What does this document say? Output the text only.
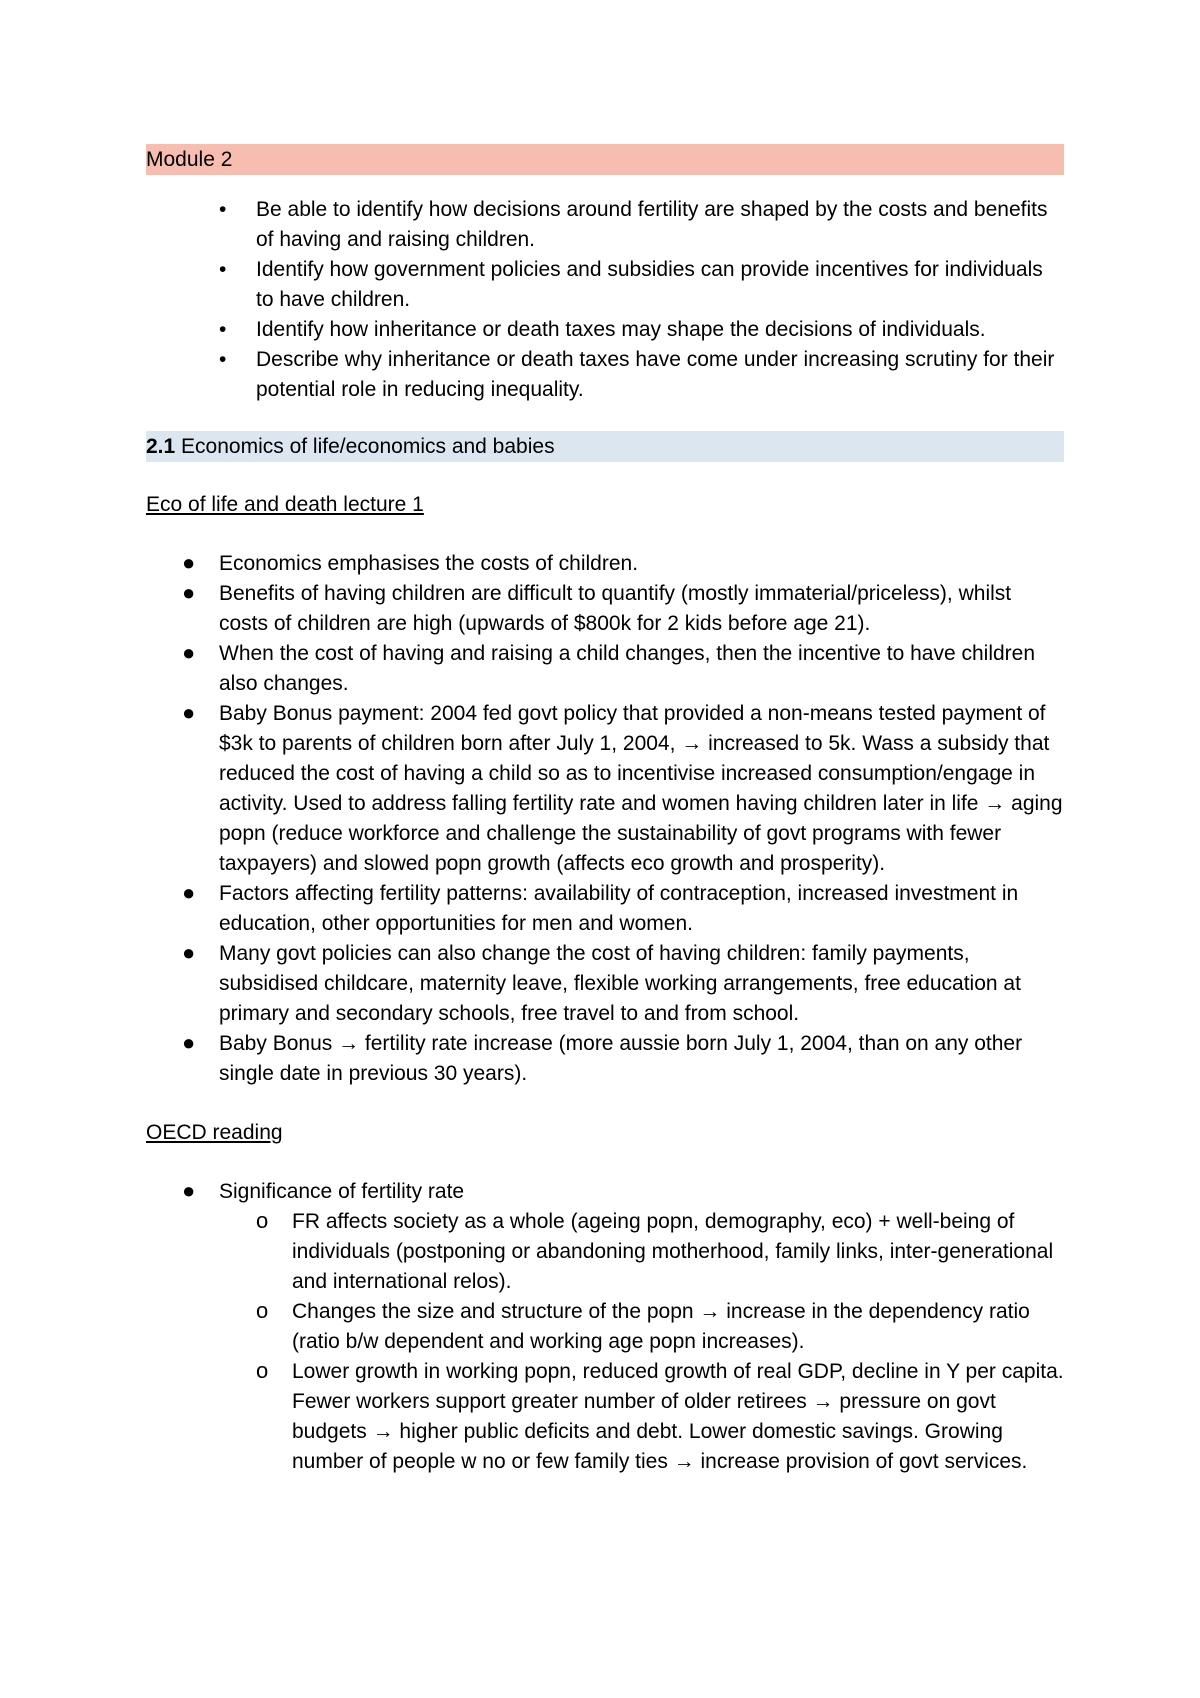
Module 2
• Be able to identify how decisions around fertility are shaped by the costs and benefits of having and raising children.
• Identify how government policies and subsidies can provide incentives for individuals to have children.
• Identify how inheritance or death taxes may shape the decisions of individuals.
• Describe why inheritance or death taxes have come under increasing scrutiny for their potential role in reducing inequality.
2.1 Economics of life/economics and babies
Eco of life and death lecture 1
● Economics emphasises the costs of children.
● Benefits of having children are difficult to quantify (mostly immaterial/priceless), whilst costs of children are high (upwards of $800k for 2 kids before age 21).
● When the cost of having and raising a child changes, then the incentive to have children also changes.
● Baby Bonus payment: 2004 fed govt policy that provided a non-means tested payment of $3k to parents of children born after July 1, 2004, → increased to 5k. Wass a subsidy that reduced the cost of having a child so as to incentivise increased consumption/engage in activity. Used to address falling fertility rate and women having children later in life → aging popn (reduce workforce and challenge the sustainability of govt programs with fewer taxpayers) and slowed popn growth (affects eco growth and prosperity).
● Factors affecting fertility patterns: availability of contraception, increased investment in education, other opportunities for men and women.
● Many govt policies can also change the cost of having children: family payments, subsidised childcare, maternity leave, flexible working arrangements, free education at primary and secondary schools, free travel to and from school.
● Baby Bonus → fertility rate increase (more aussie born July 1, 2004, than on any other single date in previous 30 years).
OECD reading
● Significance of fertility rate
o FR affects society as a whole (ageing popn, demography, eco) + well-being of individuals (postponing or abandoning motherhood, family links, inter-generational and international relos).
o Changes the size and structure of the popn → increase in the dependency ratio (ratio b/w dependent and working age popn increases).
o Lower growth in working popn, reduced growth of real GDP, decline in Y per capita. Fewer workers support greater number of older retirees → pressure on govt budgets → higher public deficits and debt. Lower domestic savings. Growing number of people w no or few family ties → increase provision of govt services.
